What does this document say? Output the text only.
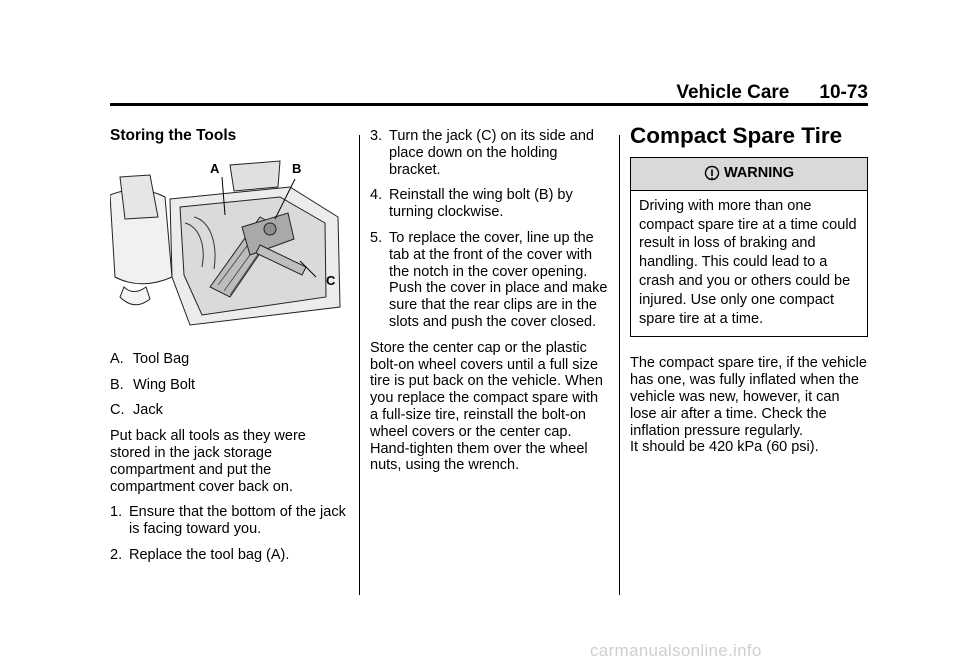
Vehicle Care 10-73

Storing the Tools

A	B
C

A. Tool Bag

B. Wing Bolt

C. Jack

Put back all tools as they were stored in the jack storage compartment and put the compartment cover back on.

1. Ensure that the bottom of the jack is facing toward you.

2. Replace the tool bag (A).

3. Turn the jack (C) on its side and place down on the holding bracket.

4. Reinstall the wing bolt (B) by turning clockwise.

5. To replace the cover, line up the tab at the front of the cover with the notch in the cover opening. Push the cover in place and make sure that the rear clips are in the slots and push the cover closed.

Store the center cap or the plastic bolt-on wheel covers until a full size tire is put back on the vehicle. When you replace the compact spare with a full-size tire, reinstall the bolt-on wheel covers or the center cap. Hand-tighten them over the wheel nuts, using the wrench.

Compact Spare Tire

WARNING
Driving with more than one compact spare tire at a time could result in loss of braking and handling. This could lead to a crash and you or others could be injured. Use only one compact spare tire at a time.

The compact spare tire, if the vehicle has one, was fully inflated when the vehicle was new, however, it can lose air after a time. Check the inflation pressure regularly.

It should be 420 kPa (60 psi).

carmanualsonline.info
